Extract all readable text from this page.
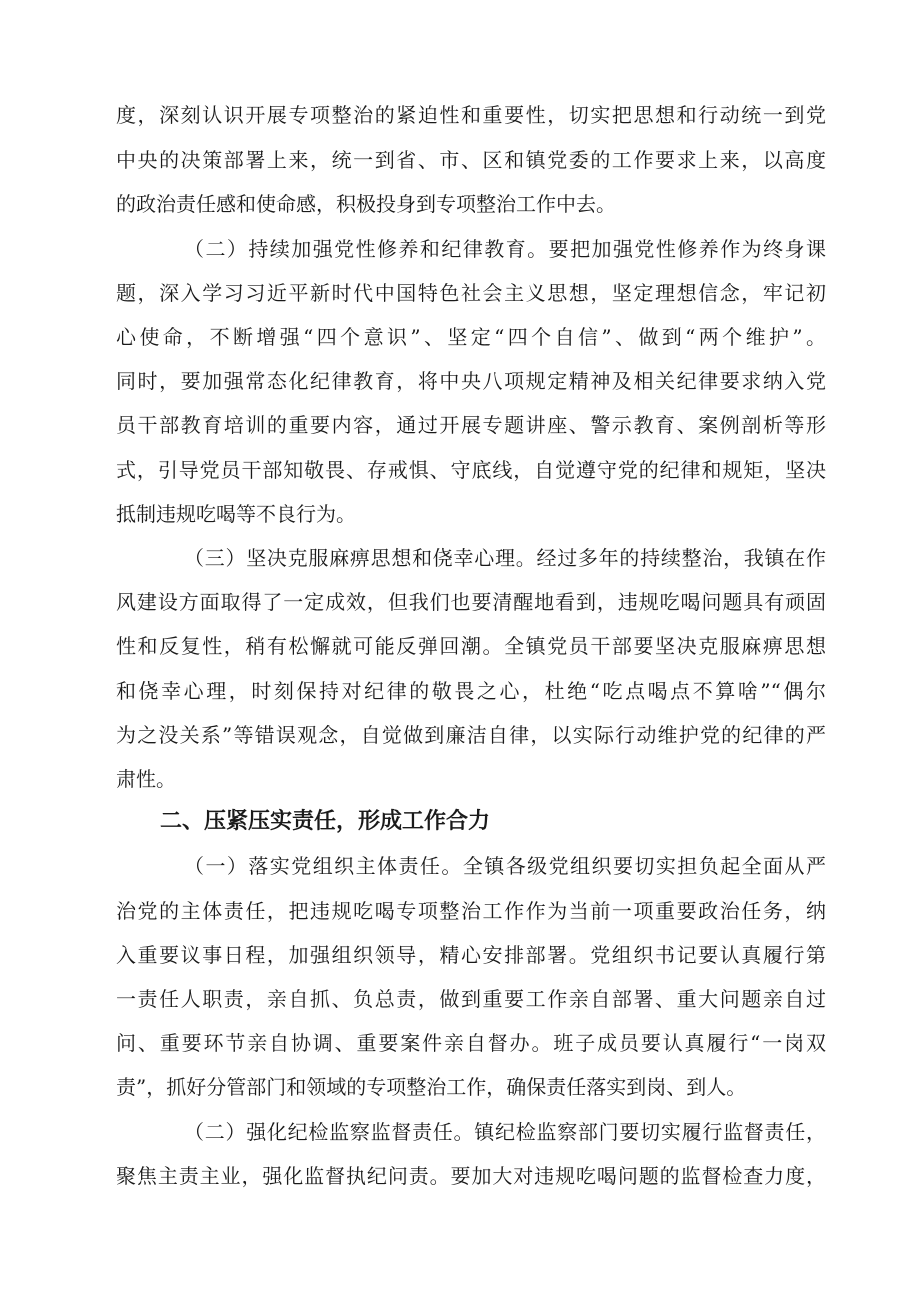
度，深刻认识开展专项整治的紧迫性和重要性，切实把思想和行动统一到党
中央的决策部署上来，统一到省、市、区和镇党委的工作要求上来，以高度
的政治责任感和使命感，积极投身到专项整治工作中去。
（二）持续加强党性修养和纪律教育。要把加强党性修养作为终身课
题，深入学习习近平新时代中国特色社会主义思想，坚定理想信念，牢记初
心使命，不断增强“四个意识”、坚定“四个自信”、做到“两个维护”。
同时，要加强常态化纪律教育，将中央八项规定精神及相关纪律要求纳入党
员干部教育培训的重要内容，通过开展专题讲座、警示教育、案例剖析等形
式，引导党员干部知敬畏、存戒惧、守底线，自觉遵守党的纪律和规矩，坚决
抵制违规吃喝等不良行为。
（三）坚决克服麻痹思想和侥幸心理。经过多年的持续整治，我镇在作
风建设方面取得了一定成效，但我们也要清醒地看到，违规吃喝问题具有顽固
性和反复性，稍有松懈就可能反弹回潮。全镇党员干部要坚决克服麻痹思想
和侥幸心理，时刻保持对纪律的敬畏之心，杜绝“吃点喝点不算啥”“偶尔
为之没关系”等错误观念，自觉做到廉洁自律，以实际行动维护党的纪律的严
肃性。
二、压紧压实责任，形成工作合力
（一）落实党组织主体责任。全镇各级党组织要切实担负起全面从严
治党的主体责任，把违规吃喝专项整治工作作为当前一项重要政治任务，纳
入重要议事日程，加强组织领导，精心安排部署。党组织书记要认真履行第
一责任人职责，亲自抓、负总责，做到重要工作亲自部署、重大问题亲自过
问、重要环节亲自协调、重要案件亲自督办。班子成员要认真履行“一岗双
责”，抓好分管部门和领域的专项整治工作，确保责任落实到岗、到人。
（二）强化纪检监察监督责任。镇纪检监察部门要切实履行监督责任，
聚焦主责主业，强化监督执纪问责。要加大对违规吃喝问题的监督检查力度，
